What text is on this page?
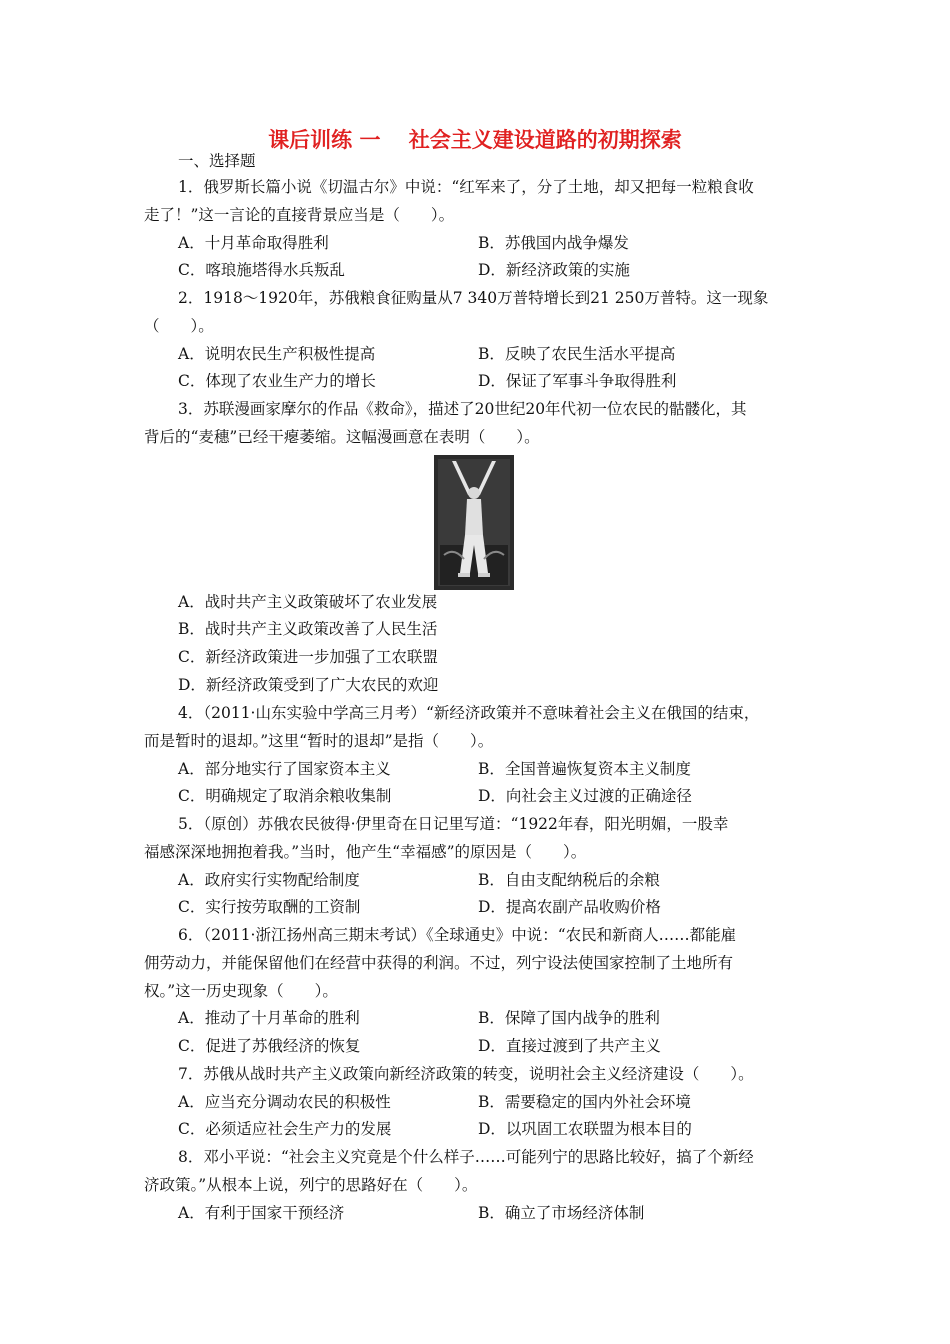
课后训练 一　 社会主义建设道路的初期探索
一、选择题
1．俄罗斯长篇小说《切温古尔》中说：“红军来了，分了土地，却又把每一粒粮食收
走了！”这一言论的直接背景应当是（　　）。
A．十月革命取得胜利	B．苏俄国内战争爆发
C．喀琅施塔得水兵叛乱	D．新经济政策的实施
2．1918～1920年，苏俄粮食征购量从7 340万普特增长到21 250万普特。这一现象
（　　）。
A．说明农民生产积极性提高	B．反映了农民生活水平提高
C．体现了农业生产力的增长	D．保证了军事斗争取得胜利
3．苏联漫画家摩尔的作品《救命》，描述了20世纪20年代初一位农民的骷髅化，其
背后的“麦穗”已经干瘪萎缩。这幅漫画意在表明（　　）。
A．战时共产主义政策破坏了农业发展
B．战时共产主义政策改善了人民生活
C．新经济政策进一步加强了工农联盟
D．新经济政策受到了广大农民的欢迎
4．（2011·山东实验中学高三月考）“新经济政策并不意味着社会主义在俄国的结束，
而是暂时的退却。”这里“暂时的退却”是指（　　）。
A．部分地实行了国家资本主义	B．全国普遍恢复资本主义制度
C．明确规定了取消余粮收集制	D．向社会主义过渡的正确途径
5．（原创）苏俄农民彼得·伊里奇在日记里写道：“1922年春，阳光明媚，一股幸
福感深深地拥抱着我。”当时，他产生“幸福感”的原因是（　　）。
A．政府实行实物配给制度	B．自由支配纳税后的余粮
C．实行按劳取酬的工资制	D．提高农副产品收购价格
6．（2011·浙江扬州高三期末考试）《全球通史》中说：“农民和新商人……都能雇
佣劳动力，并能保留他们在经营中获得的利润。不过，列宁设法使国家控制了土地所有
权。”这一历史现象（　　）。
A．推动了十月革命的胜利	B．保障了国内战争的胜利
C．促进了苏俄经济的恢复	D．直接过渡到了共产主义
7．苏俄从战时共产主义政策向新经济政策的转变，说明社会主义经济建设（　　）。
A．应当充分调动农民的积极性	B．需要稳定的国内外社会环境
C．必须适应社会生产力的发展	D．以巩固工农联盟为根本目的
8．邓小平说：“社会主义究竟是个什么样子……可能列宁的思路比较好，搞了个新经
济政策。”从根本上说，列宁的思路好在（　　）。
A．有利于国家干预经济	B．确立了市场经济体制
